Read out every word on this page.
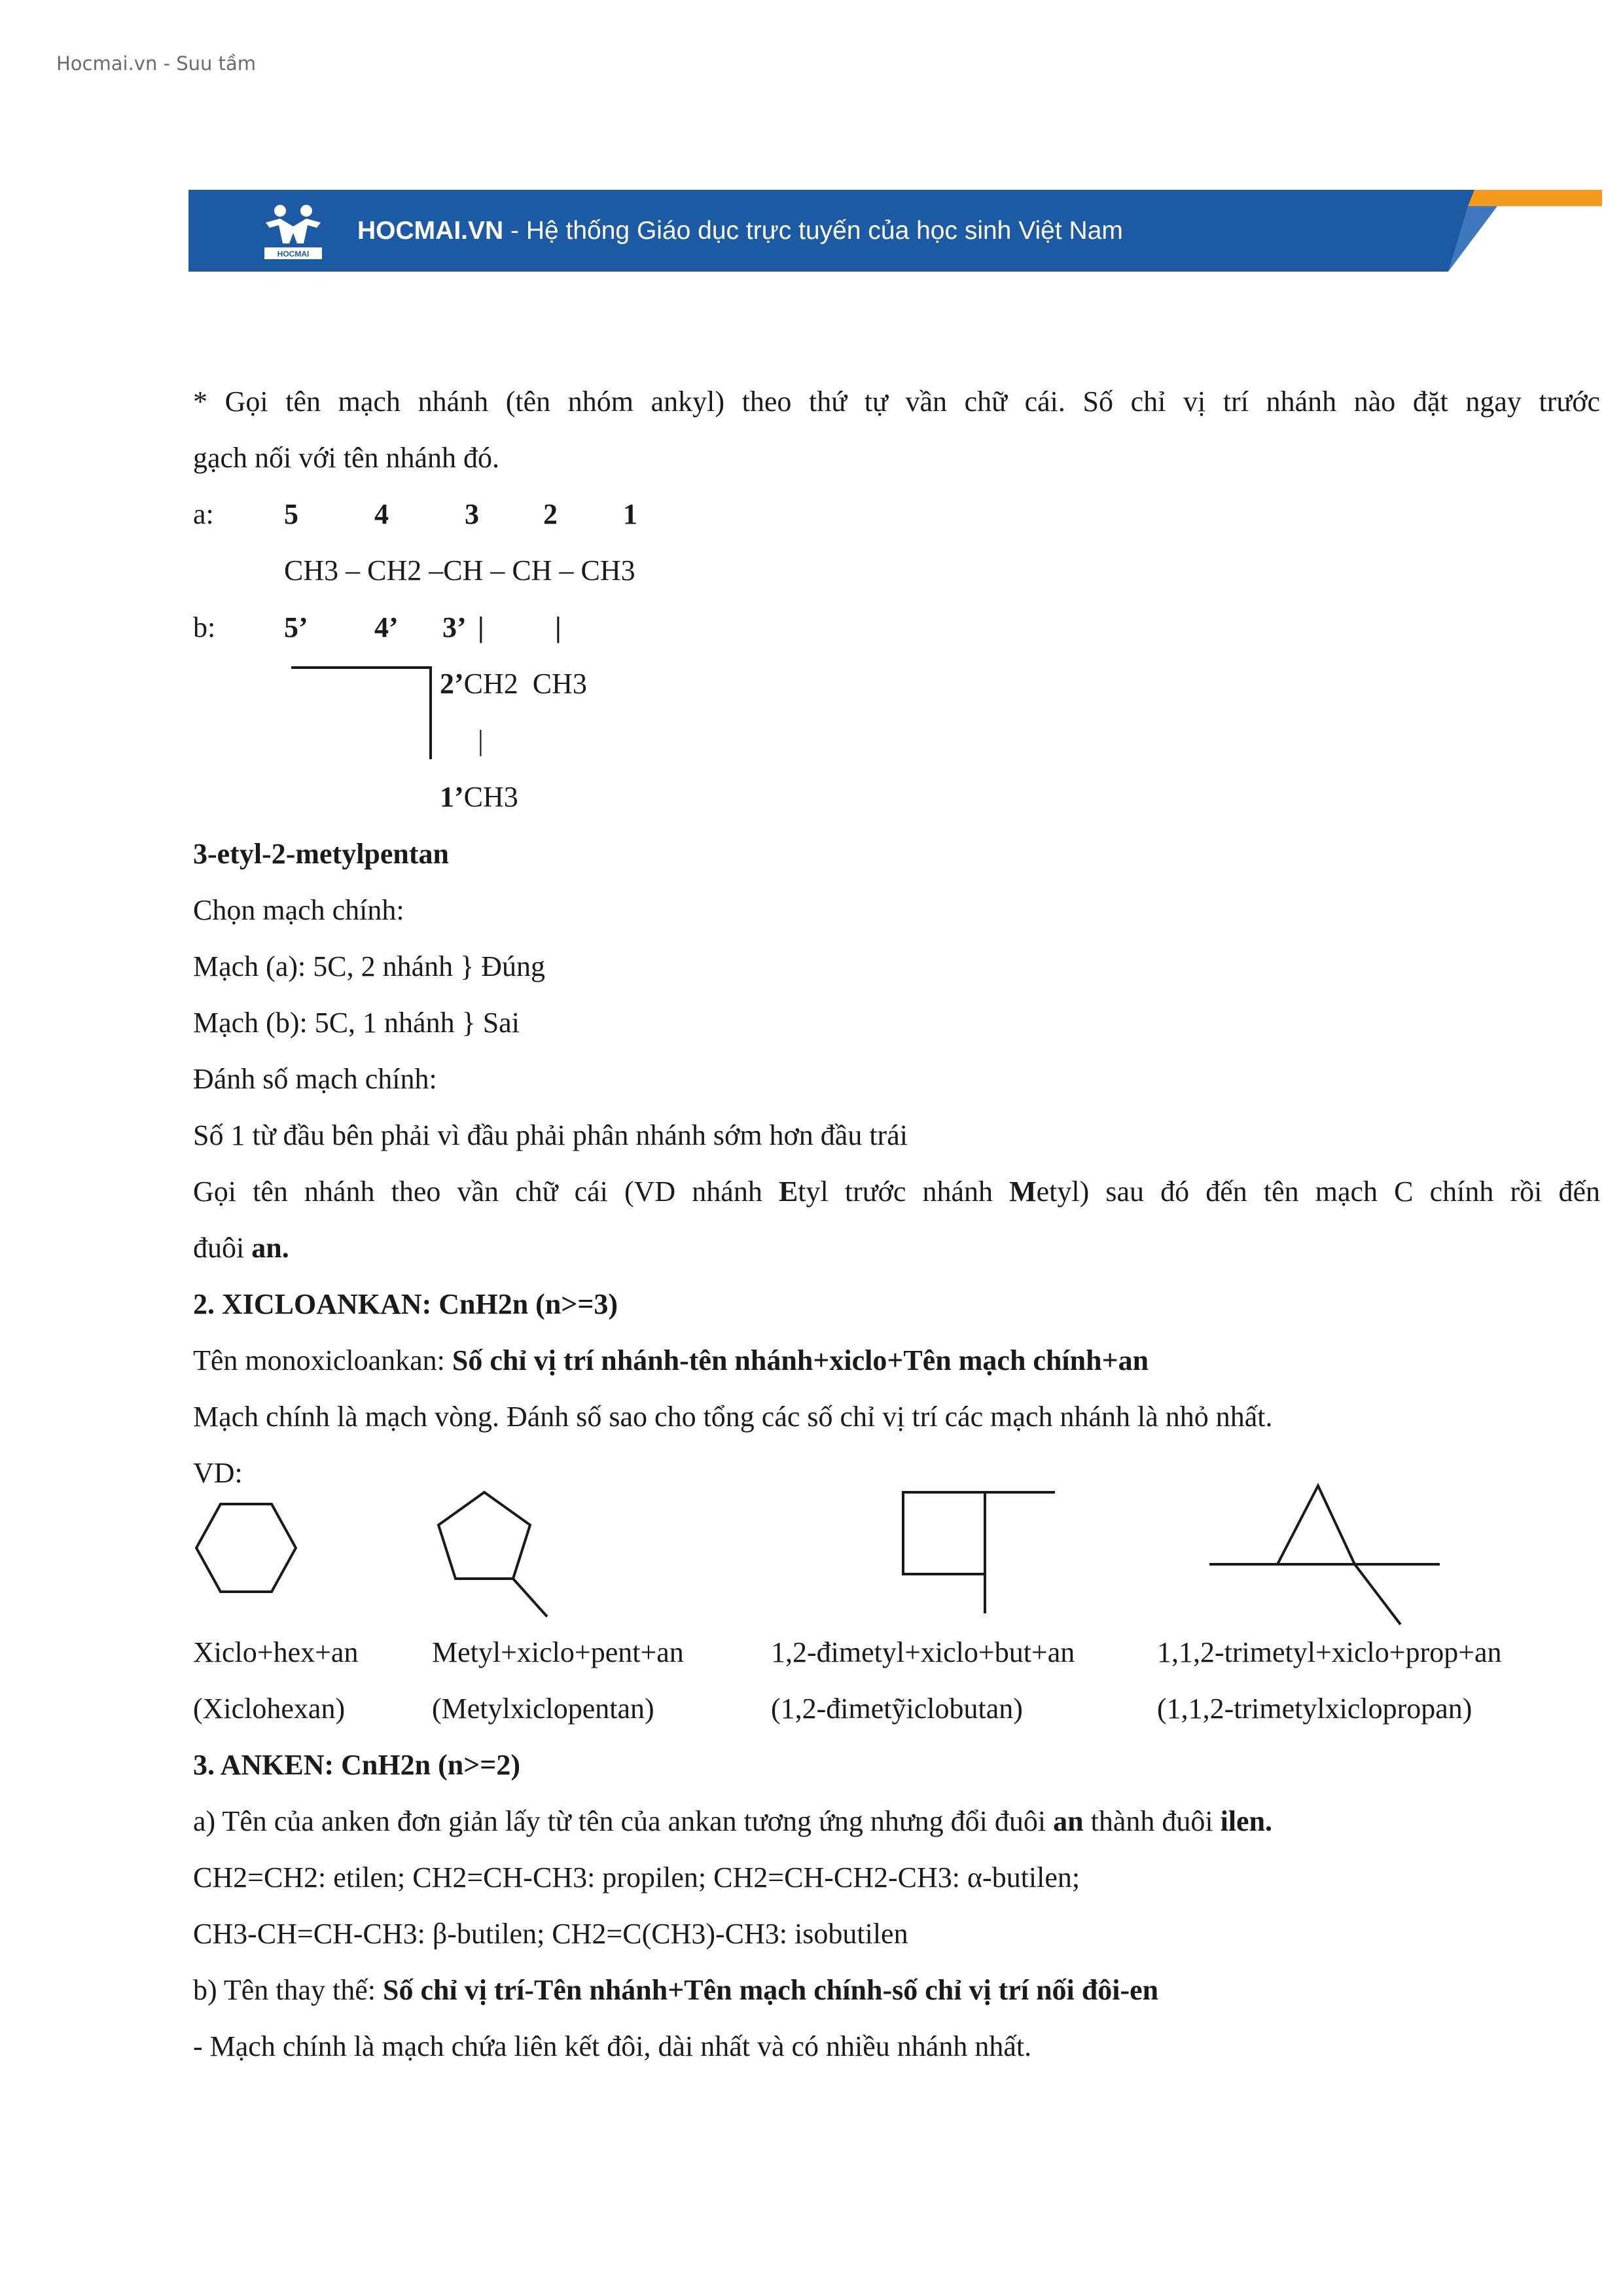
Hocmai.vn - Suu tầm
HOCMAI
HOCMAI.VN - Hệ thống Giáo dục trực tuyến của học sinh Việt Nam
* Gọi tên mạch nhánh (tên nhóm ankyl) theo thứ tự vần chữ cái. Số chỉ vị trí nhánh nào đặt ngay trước
gạch nối với tên nhánh đó.
a: 5	4	3 2 1
CH3 – CH2 –CH – CH – CH3
b: 5’ 4’ 3’ | |
2’CH2  CH3
|
1’CH3
3-etyl-2-metylpentan
Chọn mạch chính:
Mạch (a): 5C, 2 nhánh } Đúng
Mạch (b): 5C, 1 nhánh } Sai
Đánh số mạch chính:
Số 1 từ đầu bên phải vì đầu phải phân nhánh sớm hơn đầu trái
Gọi tên nhánh theo vần chữ cái (VD nhánh Etyl trước nhánh Metyl) sau đó đến tên mạch C chính rồi đến
đuôi an.
2. XICLOANKAN: CnH2n (n>=3)
Tên monoxicloankan: Số chỉ vị trí nhánh-tên nhánh+xiclo+Tên mạch chính+an
Mạch chính là mạch vòng. Đánh số sao cho tổng các số chỉ vị trí các mạch nhánh là nhỏ nhất.
VD:
Xiclo+hex+an
(Xiclohexan)
Metyl+xiclo+pent+an
(Metylxiclopentan)
1,2-đimetyl+xiclo+but+an
(1,2-đimetỹiclobutan)
1,1,2-trimetyl+xiclo+prop+an
(1,1,2-trimetylxiclopropan)
3. ANKEN: CnH2n (n>=2)
a) Tên của anken đơn giản lấy từ tên của ankan tương ứng nhưng đổi đuôi an thành đuôi ilen.
CH2=CH2: etilen; CH2=CH-CH3: propilen; CH2=CH-CH2-CH3: α-butilen;
CH3-CH=CH-CH3: β-butilen; CH2=C(CH3)-CH3: isobutilen
b) Tên thay thế: Số chỉ vị trí-Tên nhánh+Tên mạch chính-số chỉ vị trí nối đôi-en
- Mạch chính là mạch chứa liên kết đôi, dài nhất và có nhiều nhánh nhất.
